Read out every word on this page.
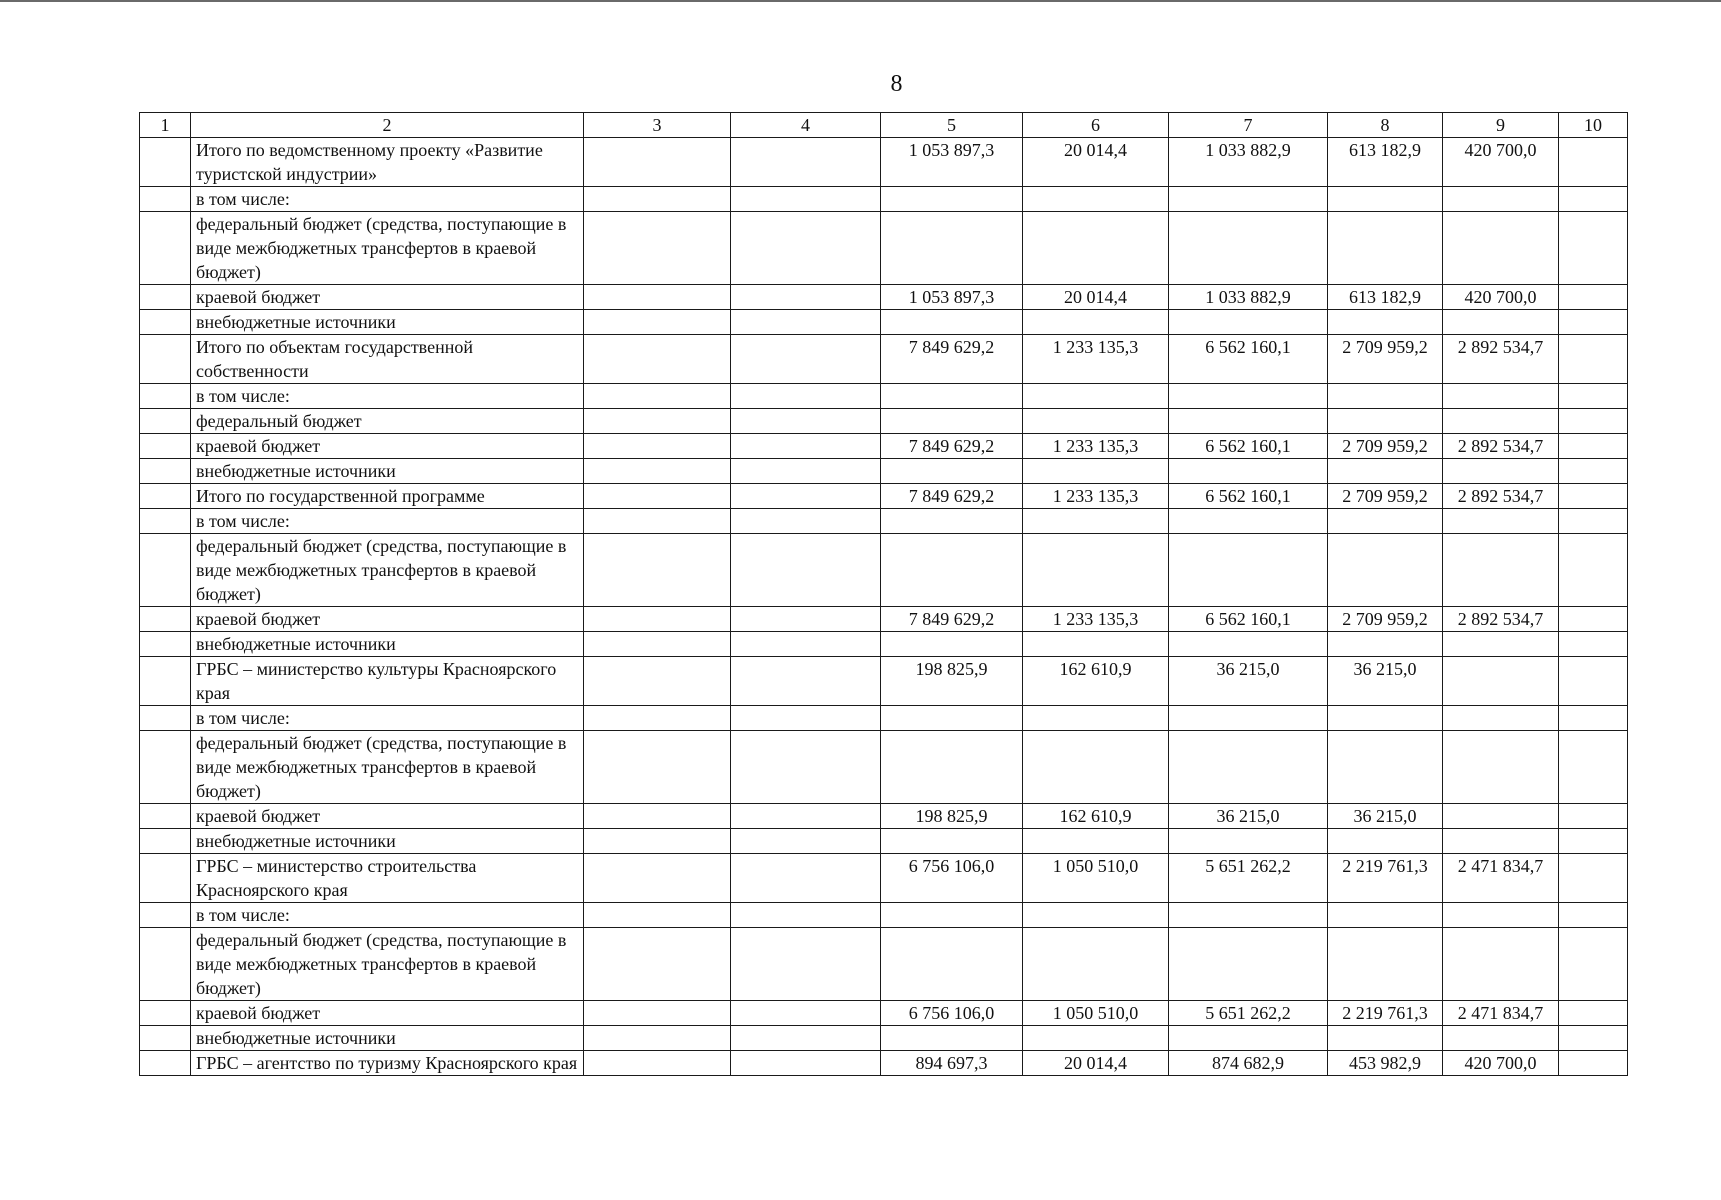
8
1	2	3	4	5	6	7	8	9	10
	Итого по ведомственному проекту «Развитие туристской индустрии»			1 053 897,3	20 014,4	1 033 882,9	613 182,9	420 700,0	
	в том числе:								
	федеральный бюджет (средства, поступающие в виде межбюджетных трансфертов в краевой бюджет)								
	краевой бюджет			1 053 897,3	20 014,4	1 033 882,9	613 182,9	420 700,0	
	внебюджетные источники								
	Итого по объектам государственной собственности			7 849 629,2	1 233 135,3	6 562 160,1	2 709 959,2	2 892 534,7	
	в том числе:								
	федеральный бюджет								
	краевой бюджет			7 849 629,2	1 233 135,3	6 562 160,1	2 709 959,2	2 892 534,7	
	внебюджетные источники								
	Итого по государственной программе			7 849 629,2	1 233 135,3	6 562 160,1	2 709 959,2	2 892 534,7	
	в том числе:								
	федеральный бюджет (средства, поступающие в виде межбюджетных трансфертов в краевой бюджет)								
	краевой бюджет			7 849 629,2	1 233 135,3	6 562 160,1	2 709 959,2	2 892 534,7	
	внебюджетные источники								
	ГРБС – министерство культуры Красноярского края			198 825,9	162 610,9	36 215,0	36 215,0		
	в том числе:								
	федеральный бюджет (средства, поступающие в виде межбюджетных трансфертов в краевой бюджет)								
	краевой бюджет			198 825,9	162 610,9	36 215,0	36 215,0		
	внебюджетные источники								
	ГРБС – министерство строительства Красноярского края			6 756 106,0	1 050 510,0	5 651 262,2	2 219 761,3	2 471 834,7	
	в том числе:								
	федеральный бюджет (средства, поступающие в виде межбюджетных трансфертов в краевой бюджет)								
	краевой бюджет			6 756 106,0	1 050 510,0	5 651 262,2	2 219 761,3	2 471 834,7	
	внебюджетные источники								
	ГРБС – агентство по туризму Красноярского края			894 697,3	20 014,4	874 682,9	453 982,9	420 700,0	
